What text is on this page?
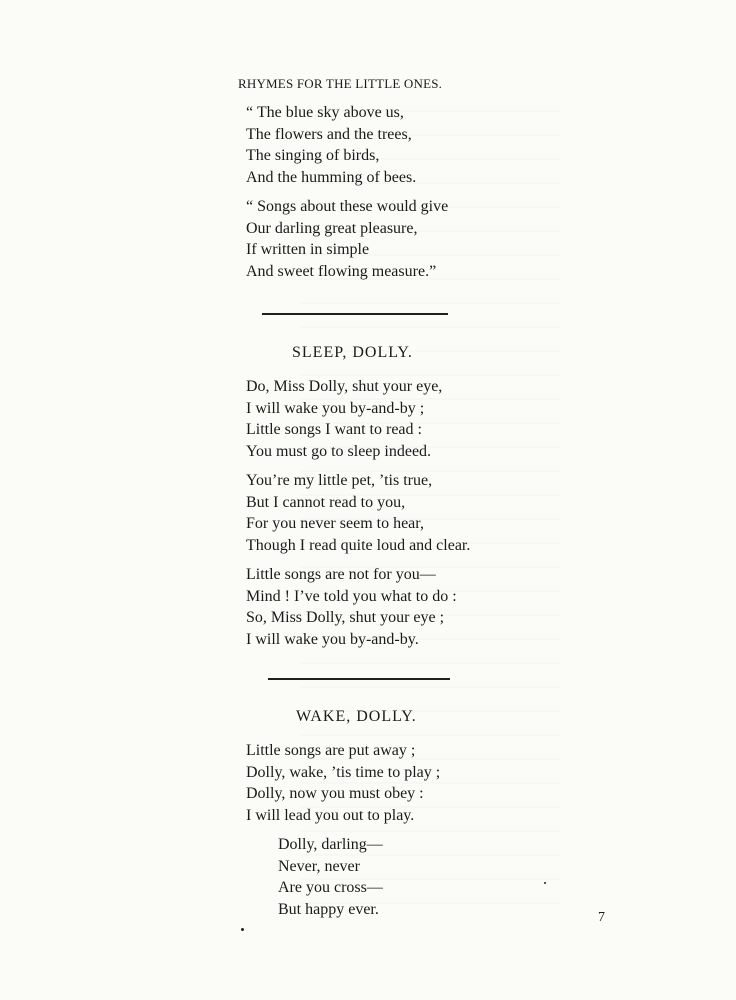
RHYMES FOR THE LITTLE ONES.
“ The blue sky above us,
The flowers and the trees,
The singing of birds,
And the humming of bees.
“ Songs about these would give
Our darling great pleasure,
If written in simple
And sweet flowing measure.”
SLEEP, DOLLY.
Do, Miss Dolly, shut your eye,
I will wake you by-and-by ;
Little songs I want to read :
You must go to sleep indeed.
You’re my little pet, ’tis true,
But I cannot read to you,
For you never seem to hear,
Though I read quite loud and clear.
Little songs are not for you—
Mind ! I’ve told you what to do :
So, Miss Dolly, shut your eye ;
I will wake you by-and-by.
WAKE, DOLLY.
Little songs are put away ;
Dolly, wake, ’tis time to play ;
Dolly, now you must obey :
I will lead you out to play.
Dolly, darling—
Never, never
Are you cross—
But happy ever.	7
